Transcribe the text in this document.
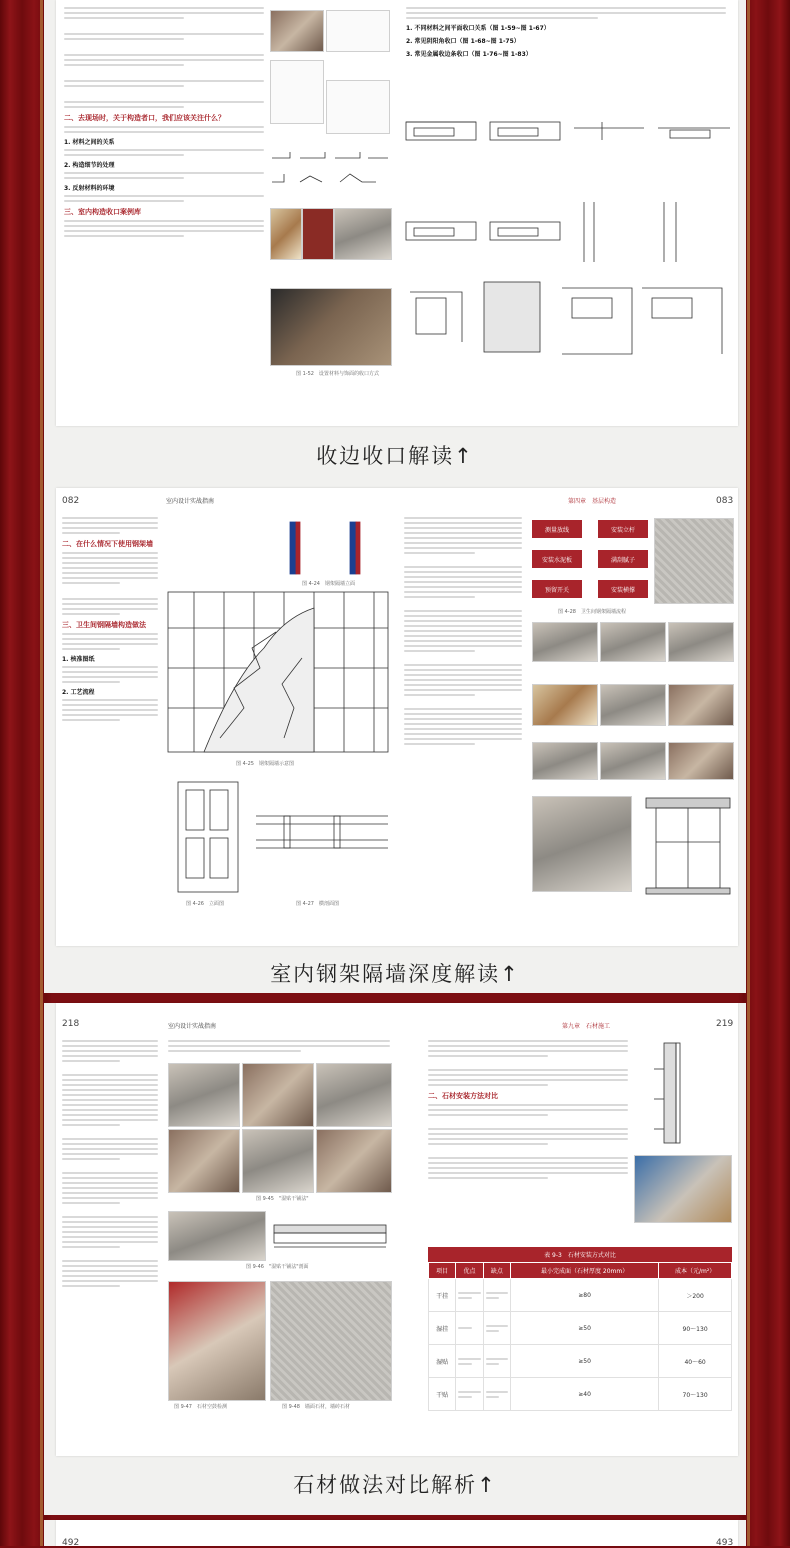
二、去现场时，关于构造者口，我们应该关注什么？
1. 材料之间的关系
2. 构造细节的处理
3. 反射材料的环境
三、室内构造收口案例库
图 1-52　设置材料与饰面的收口方式
1. 不同材料之间平面收口关系（图 1-59~图 1-67）
2. 常见阴阳角收口（图 1-68~图 1-75）
3. 常见金属收边条收口（图 1-76~图 1-83）
收边收口解读↑
082	室内设计实战指南
二、在什么情况下使用钢架墙
三、卫生间钢隔墙构造做法
1. 核准图纸
2. 工艺流程
图 4-24　钢架隔墙立面
图 4-25　钢架隔墙示意图
图 4-26　立面图	图 4-27　横剖面图
第四章　基层构造	083
测量放线	安装立杆
安装水泥板	满刮腻子
预留开关	安装横撑
图 4-28　卫生间钢架隔墙流程
室内钢架隔墙深度解读↑
218	室内设计实战指南
图 9-45　"湿贴干铺法"
图 9-46　"湿贴干铺法"剖面
图 9-47　石材空鼓检测	图 9-48　墙面石材，墙砖石材
第九章　石材施工	219
二、石材安装方法对比
表 9-3　石材安装方式对比
项目	优点	缺点	最小完成面（石材厚度 20mm）	成本（元/m²）
干挂			≥80	＞200
湿挂			≥50	90～130
湿贴			≥50	40～60
干贴			≥40	70～130
石材做法对比解析↑
492	493
